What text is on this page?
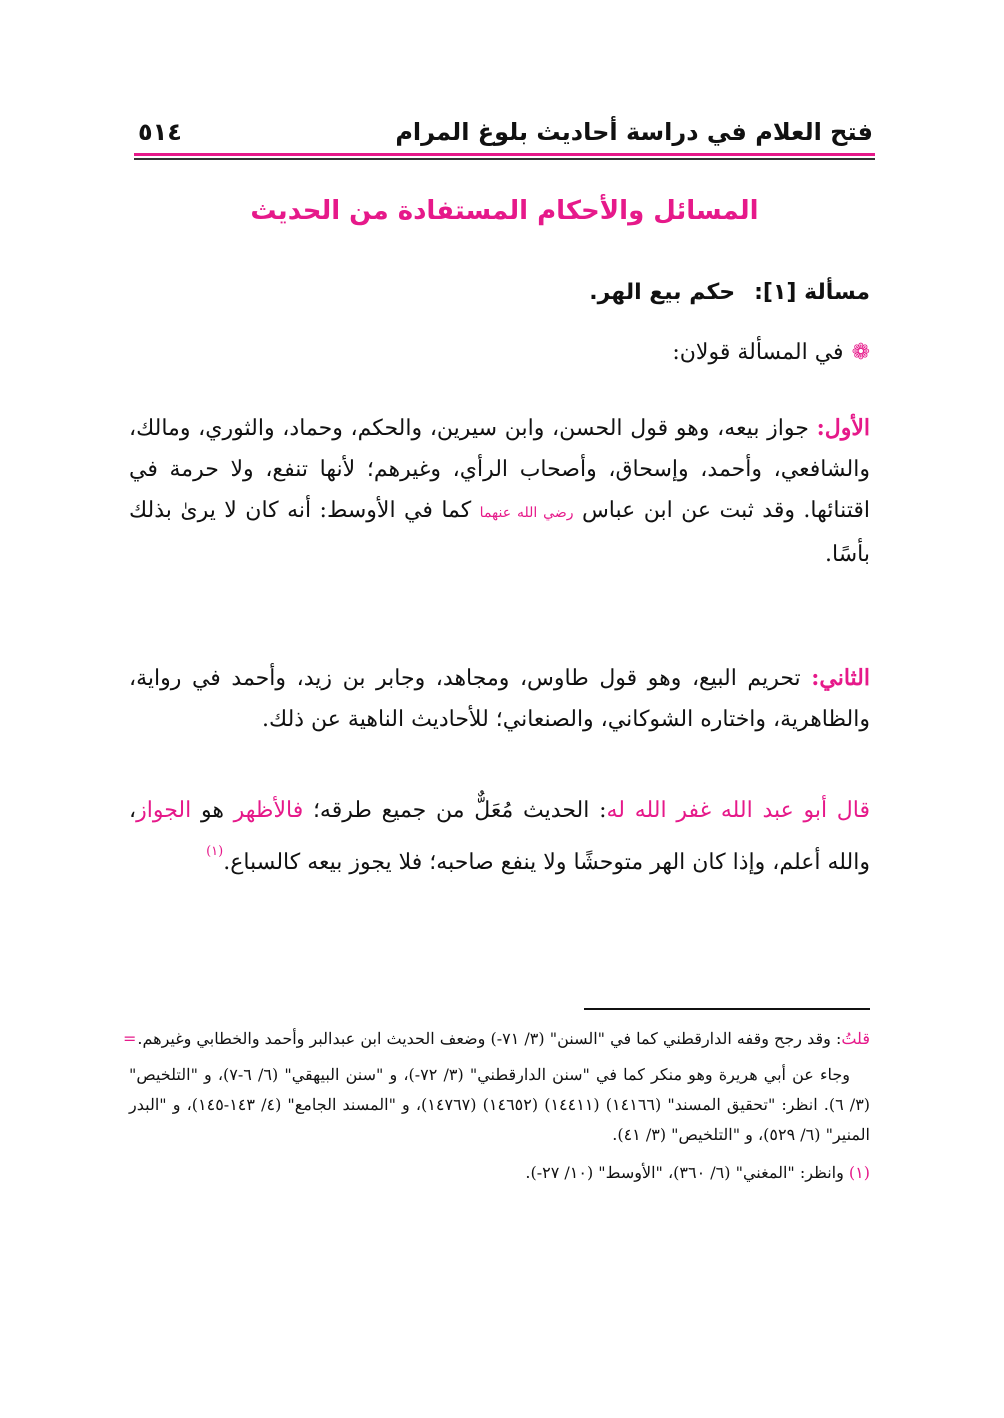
فتح العلام في دراسة أحاديث بلوغ المرام
٥١٤
المسائل والأحكام المستفادة من الحديث
مسألة [١]: حكم بيع الهر.
❁في المسألة قولان:
الأول: جواز بيعه، وهو قول الحسن، وابن سيرين، والحكم، وحماد، والثوري، ومالك، والشافعي، وأحمد، وإسحاق، وأصحاب الرأي، وغيرهم؛ لأنها تنفع، ولا حرمة في اقتنائها. وقد ثبت عن ابن عباس رضي الله عنهما كما في الأوسط: أنه كان لا يرىٰ بذلك بأسًا.
الثاني: تحريم البيع، وهو قول طاوس، ومجاهد، وجابر بن زيد، وأحمد في رواية، والظاهرية، واختاره الشوكاني، والصنعاني؛ للأحاديث الناهية عن ذلك.
قال أبو عبد الله غفر الله له: الحديث مُعَلٌّ من جميع طرقه؛ فالأظهر هو الجواز، والله أعلم، وإذا كان الهر متوحشًا ولا ينفع صاحبه؛ فلا يجوز بيعه كالسباع.$^{(١)}$
=	قلتُ: وقد رجح وقفه الدارقطني كما في "السنن" (٣/ ٧١-) وضعف الحديث ابن عبدالبر وأحمد والخطابي وغيرهم.
وجاء عن أبي هريرة وهو منكر كما في "سنن الدارقطني" (٣/ ٧٢-)، و "سنن البيهقي" (٦/ ٦-٧)، و "التلخيص" (٣/ ٦). انظر: "تحقيق المسند" (١٤١٦٦) (١٤٤١١) (١٤٦٥٢) (١٤٧٦٧)، و "المسند الجامع" (٤/ ١٤٣-١٤٥)، و "البدر المنير" (٦/ ٥٢٩)، و "التلخيص" (٣/ ٤١).
(١) وانظر: "المغني" (٦/ ٣٦٠)، "الأوسط" (١٠/ ٢٧-).
